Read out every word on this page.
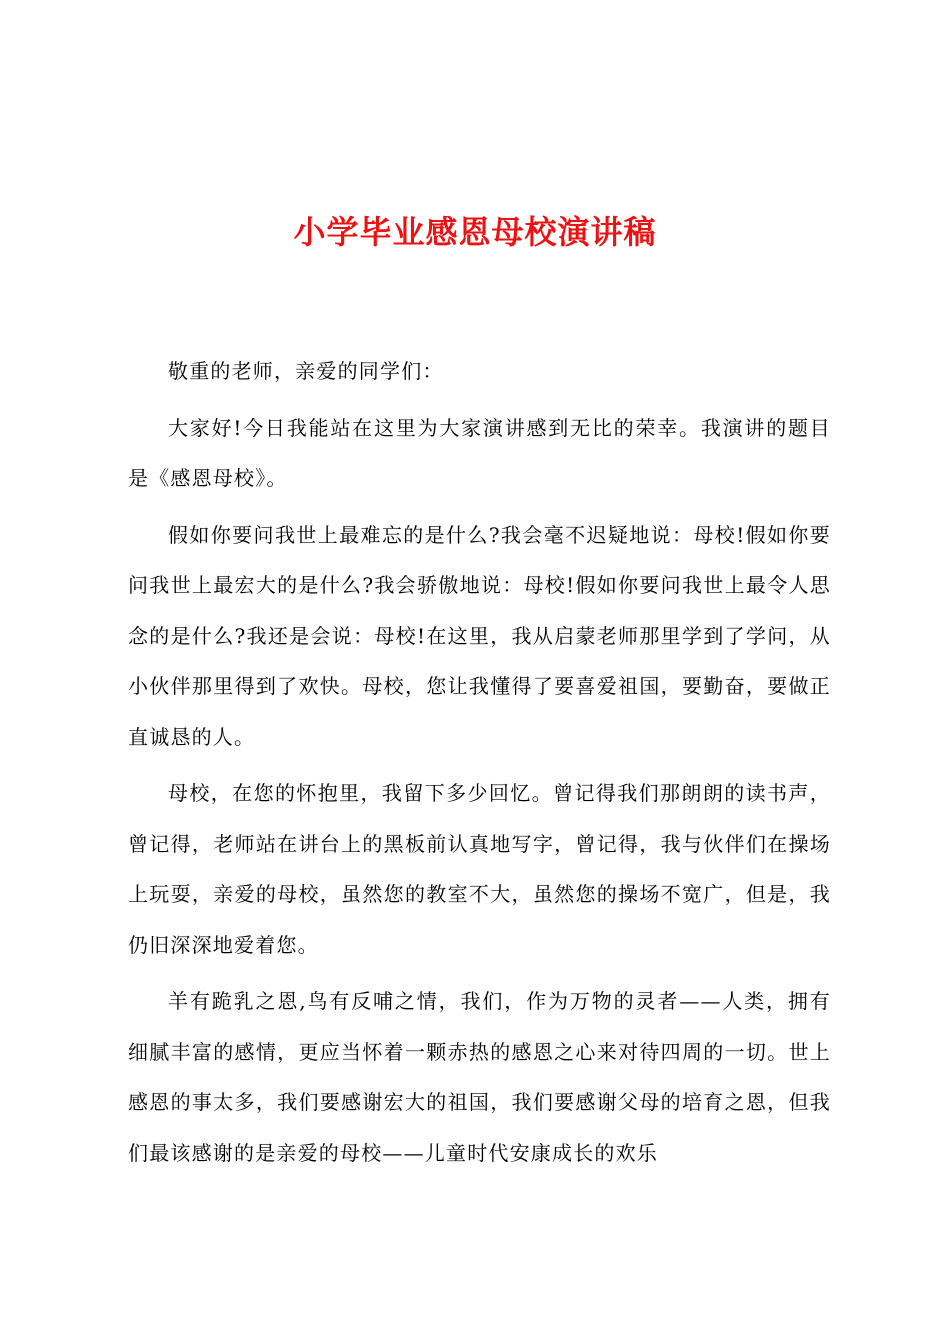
小学毕业感恩母校演讲稿

敬重的老师，亲爱的同学们：

大家好!今日我能站在这里为大家演讲感到无比的荣幸。我演讲的题目是《感恩母校》。

假如你要问我世上最难忘的是什么?我会毫不迟疑地说：母校!假如你要问我世上最宏大的是什么?我会骄傲地说：母校!假如你要问我世上最令人思念的是什么?我还是会说：母校!在这里，我从启蒙老师那里学到了学问，从小伙伴那里得到了欢快。母校，您让我懂得了要喜爱祖国，要勤奋，要做正直诚恳的人。

母校，在您的怀抱里，我留下多少回忆。曾记得我们那朗朗的读书声，曾记得，老师站在讲台上的黑板前认真地写字，曾记得，我与伙伴们在操场上玩耍，亲爱的母校，虽然您的教室不大，虽然您的操场不宽广，但是，我仍旧深深地爱着您。

羊有跪乳之恩,鸟有反哺之情，我们，作为万物的灵者——人类，拥有细腻丰富的感情，更应当怀着一颗赤热的感恩之心来对待四周的一切。世上感恩的事太多，我们要感谢宏大的祖国，我们要感谢父母的培育之恩，但我们最该感谢的是亲爱的母校——儿童时代安康成长的欢乐
